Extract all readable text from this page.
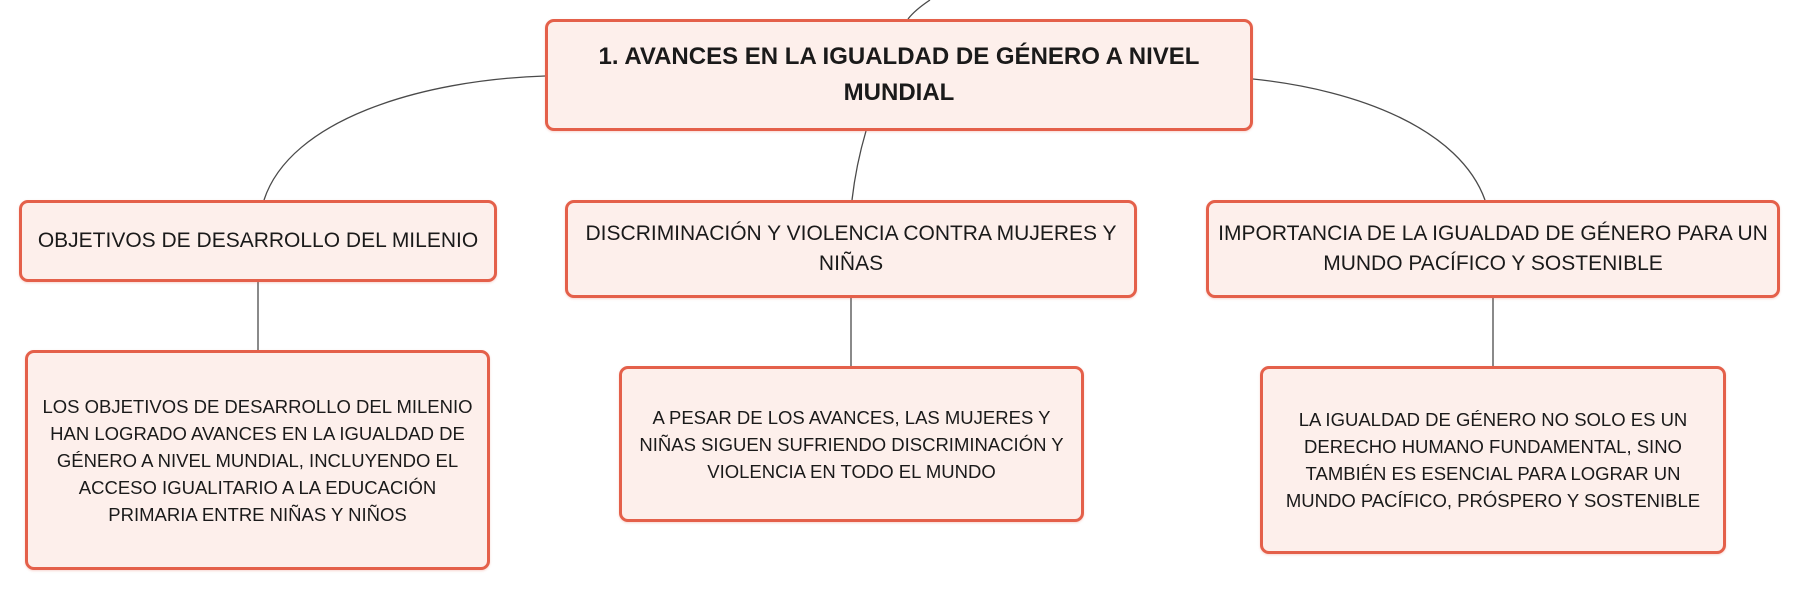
1. AVANCES EN LA IGUALDAD DE GÉNERO A NIVEL MUNDIAL
OBJETIVOS DE DESARROLLO DEL MILENIO	DISCRIMINACIÓN Y VIOLENCIA CONTRA MUJERES Y NIÑAS
IMPORTANCIA DE LA IGUALDAD DE GÉNERO PARA UN MUNDO PACÍFICO Y SOSTENIBLE
LOS OBJETIVOS DE DESARROLLO DEL MILENIO HAN LOGRADO AVANCES EN LA IGUALDAD DE GÉNERO A NIVEL MUNDIAL, INCLUYENDO EL ACCESO IGUALITARIO A LA EDUCACIÓN PRIMARIA ENTRE NIÑAS Y NIÑOS
A PESAR DE LOS AVANCES, LAS MUJERES Y NIÑAS SIGUEN SUFRIENDO DISCRIMINACIÓN Y VIOLENCIA EN TODO EL MUNDO
LA IGUALDAD DE GÉNERO NO SOLO ES UN DERECHO HUMANO FUNDAMENTAL, SINO TAMBIÉN ES ESENCIAL PARA LOGRAR UN MUNDO PACÍFICO, PRÓSPERO Y SOSTENIBLE
